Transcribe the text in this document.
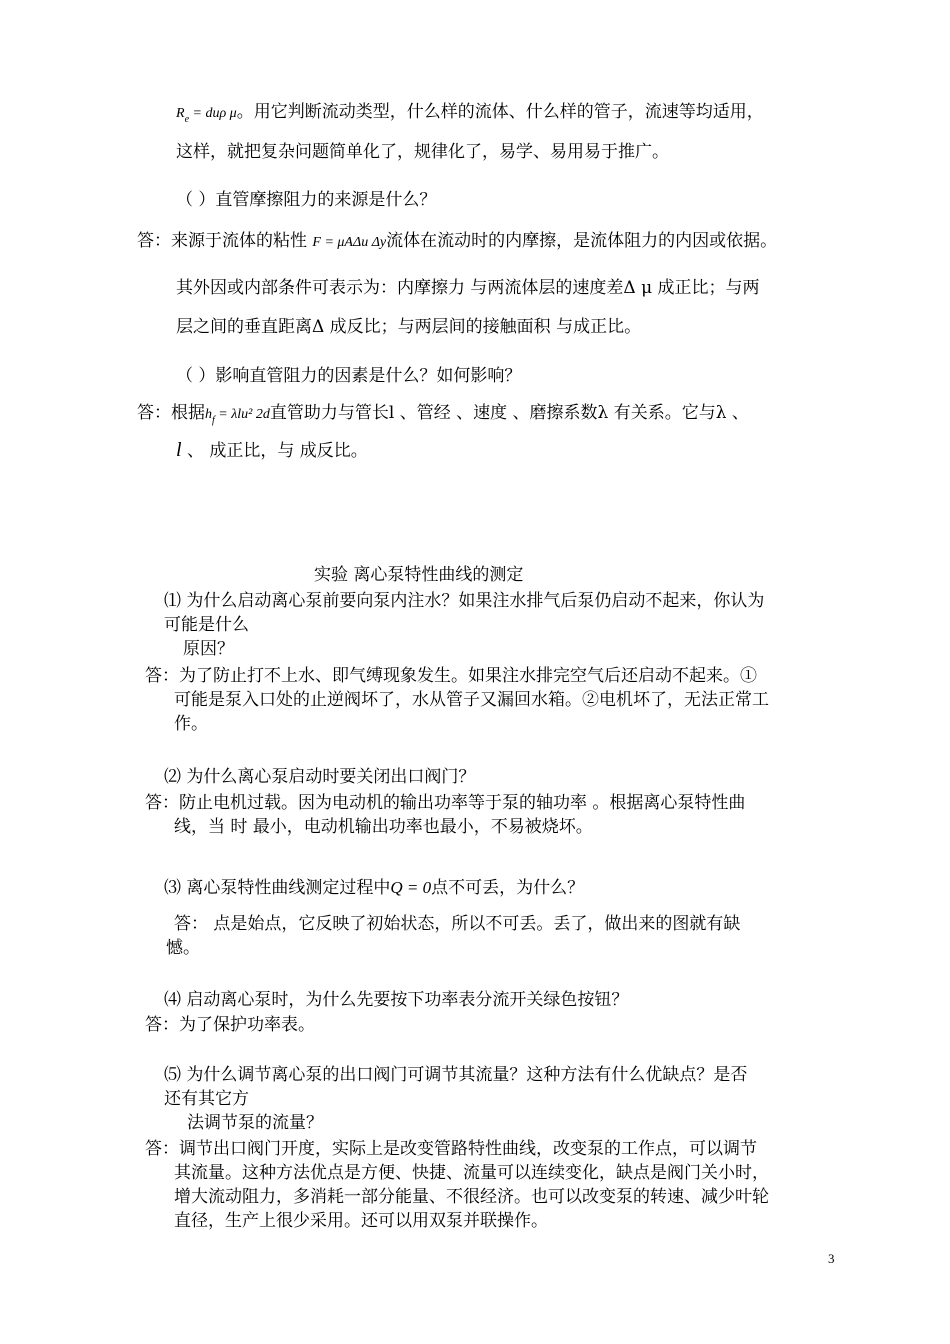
$R_e = du\rho$ μ。用它判断流动类型，什么样的流体、什么样的管子，流速等均适用，
这样，就把复杂问题简单化了，规律化了，易学、易用易于推广。
（ ）直管摩擦阻力的来源是什么？
答：来源于流体的粘性 F = μAΔu Δy流体在流动时的内摩擦，是流体阻力的内因或依据。
其外因或内部条件可表示为：内摩擦力 与两流体层的速度差Δ μ 成正比；与两
层之间的垂直距离Δ 成反比；与两层间的接触面积 与成正比。
（ ）影响直管阻力的因素是什么？如何影响？
答：根据$h_f = \lambda lu^2$ 2d直管助力与管长l 、管经 、速度 、磨擦系数λ 有关系。它与λ 、
l 、 成正比，与 成反比。
实验 离心泵特性曲线的测定
⑴ 为什么启动离心泵前要向泵内注水？如果注水排气后泵仍启动不起来，你认为
可能是什么
原因？
答：为了防止打不上水、即气缚现象发生。如果注水排完空气后还启动不起来。①
可能是泵入口处的止逆阀坏了，水从管子又漏回水箱。②电机坏了，无法正常工
作。
⑵ 为什么离心泵启动时要关闭出口阀门？
答：防止电机过载。因为电动机的输出功率等于泵的轴功率 。根据离心泵特性曲
线，当 时 最小，电动机输出功率也最小，不易被烧坏。
⑶ 离心泵特性曲线测定过程中Q = 0点不可丢，为什么？
答： 点是始点，它反映了初始状态，所以不可丢。丢了，做出来的图就有缺
憾。
⑷ 启动离心泵时，为什么先要按下功率表分流开关绿色按钮？
答：为了保护功率表。
⑸ 为什么调节离心泵的出口阀门可调节其流量？这种方法有什么优缺点？是否
还有其它方
法调节泵的流量？
答：调节出口阀门开度，实际上是改变管路特性曲线，改变泵的工作点，可以调节
其流量。这种方法优点是方便、快捷、流量可以连续变化，缺点是阀门关小时，
增大流动阻力，多消耗一部分能量、不很经济。也可以改变泵的转速、减少叶轮
直径，生产上很少采用。还可以用双泵并联操作。
3
